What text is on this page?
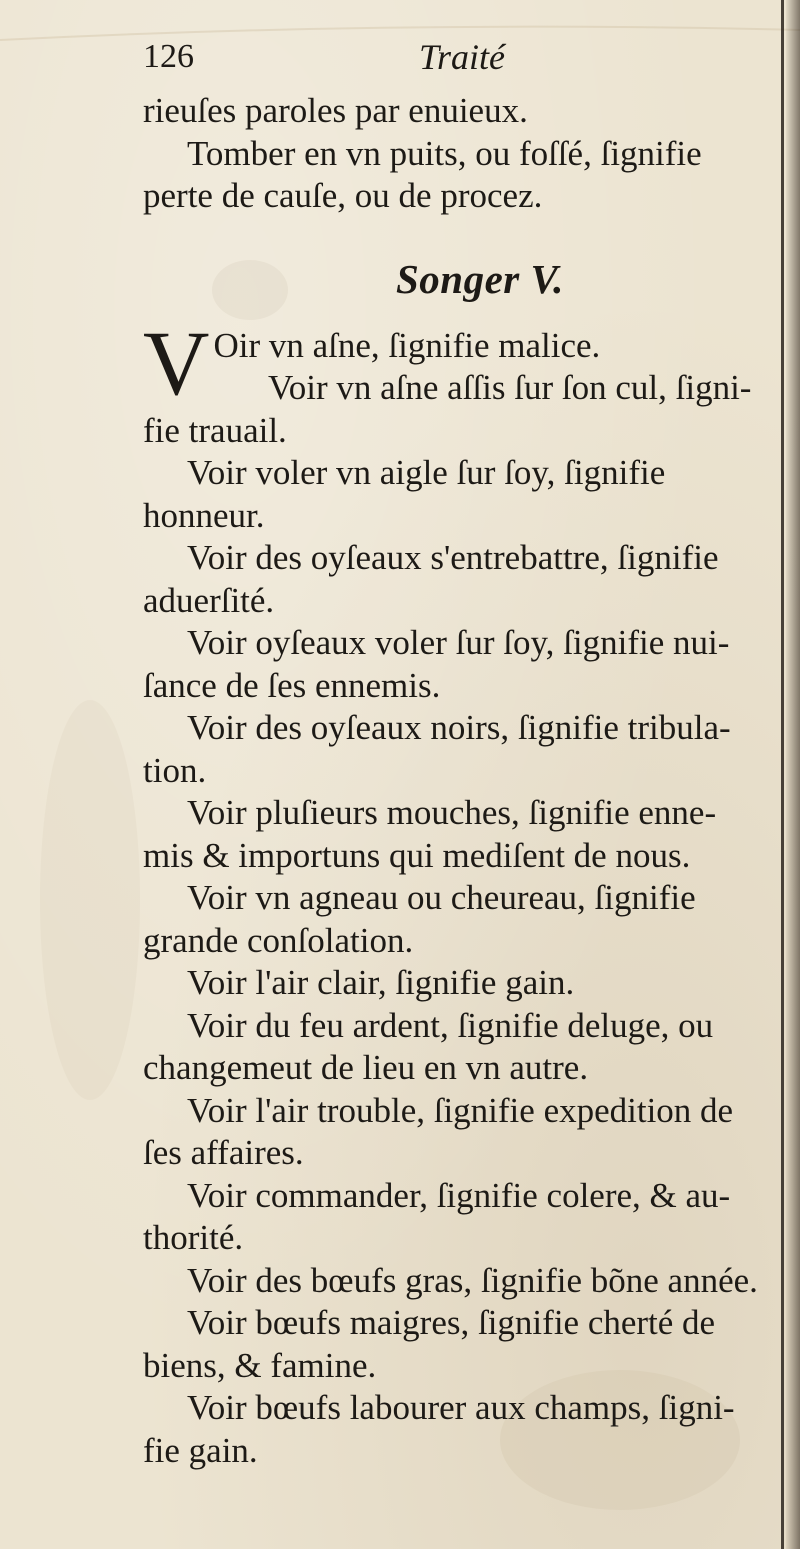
126	Traité
rieuſes paroles par enuieux.
Tomber en vn puits, ou foſſé, ſignifie
perte de cauſe, ou de procez.
Songer V.
V Oir vn aſne, ſignifie malice.
Voir vn aſne aſſis ſur ſon cul, ſigni-
fie trauail.
Voir voler vn aigle ſur ſoy, ſignifie
honneur.
Voir des oyſeaux s'entrebattre, ſignifie
aduerſité.
Voir oyſeaux voler ſur ſoy, ſignifie nui-
ſance de ſes ennemis.
Voir des oyſeaux noirs, ſignifie tribula-
tion.
Voir pluſieurs mouches, ſignifie enne-
mis & importuns qui mediſent de nous.
Voir vn agneau ou cheureau, ſignifie
grande conſolation.
Voir l'air clair, ſignifie gain.
Voir du feu ardent, ſignifie deluge, ou
changemeut de lieu en vn autre.
Voir l'air trouble, ſignifie expedition de
ſes affaires.
Voir commander, ſignifie colere, & au-
thorité.
Voir des bœufs gras, ſignifie bõne année.
Voir bœufs maigres, ſignifie cherté de
biens, & famine.
Voir bœufs labourer aux champs, ſigni-
fie gain.
